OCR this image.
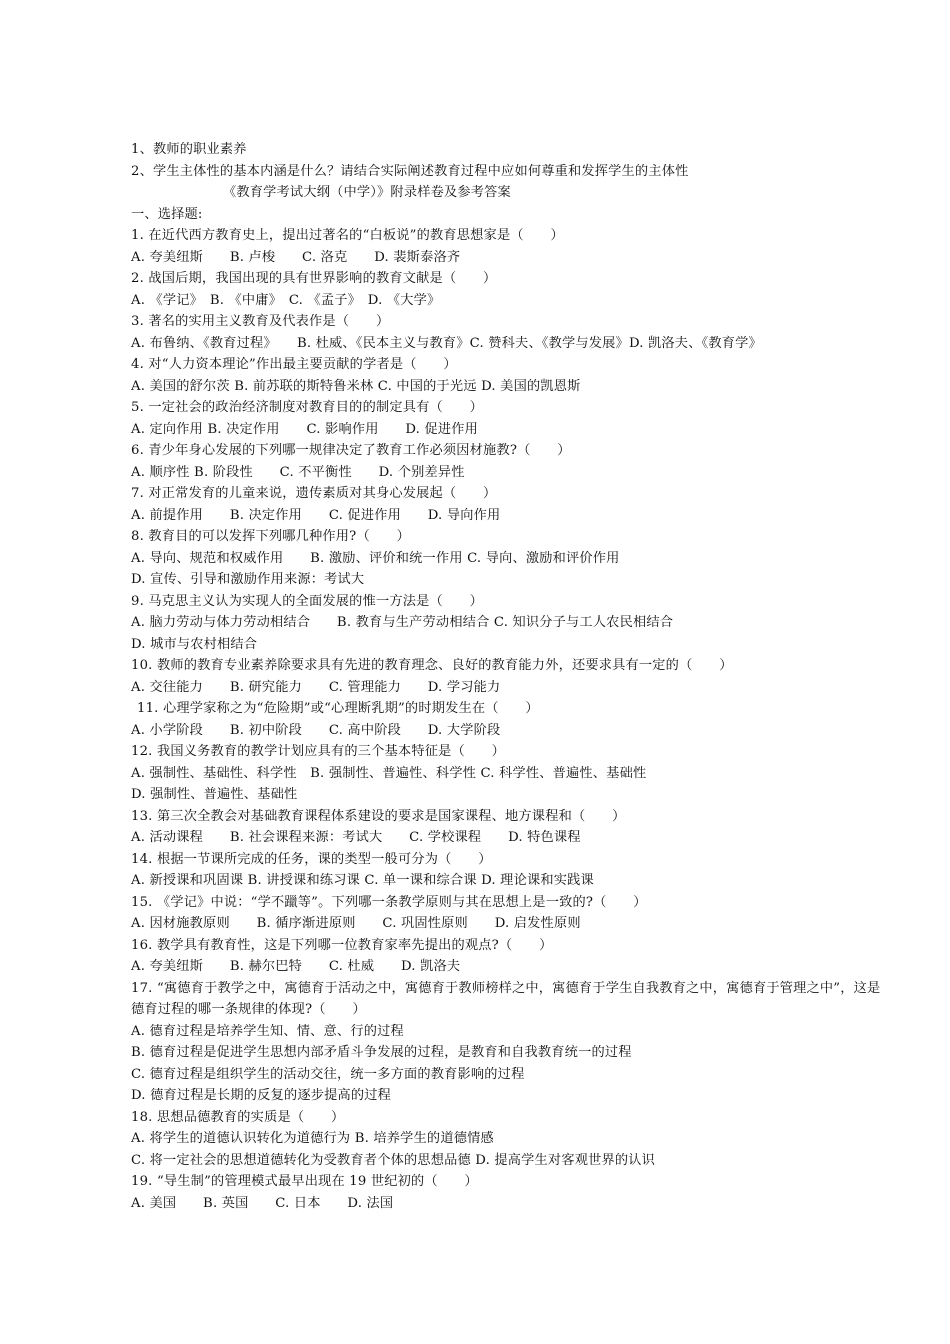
1、教师的职业素养
2、学生主体性的基本内涵是什么？请结合实际阐述教育过程中应如何尊重和发挥学生的主体性
《教育学考试大纲（中学）》附录样卷及参考答案
一、选择题:
1. 在近代西方教育史上，提出过著名的“白板说”的教育思想家是（　　）
A. 夸美纽斯　　B. 卢梭　　C. 洛克　　D. 裴斯泰洛齐
2. 战国后期，我国出现的具有世界影响的教育文献是（　　）
A. 《学记》　B. 《中庸》　C. 《孟子》　D. 《大学》
3. 著名的实用主义教育及代表作是（　　）
A. 布鲁纳、《教育过程》　　B. 杜威、《民本主义与教育》C. 赞科夫、《教学与发展》D. 凯洛夫、《教育学》
4. 对“人力资本理论”作出最主要贡献的学者是（　　）
A. 美国的舒尔茨 B. 前苏联的斯特鲁米林 C. 中国的于光远 D. 美国的凯恩斯
5. 一定社会的政治经济制度对教育目的的制定具有（　　）
A. 定向作用 B. 决定作用　　C. 影响作用　　D. 促进作用
6. 青少年身心发展的下列哪一规律决定了教育工作必须因材施教?（　　）
A. 顺序性 B. 阶段性　　C. 不平衡性　　D. 个别差异性
7. 对正常发育的儿童来说，遗传素质对其身心发展起（　　）
A. 前提作用　　B. 决定作用　　C. 促进作用　　D. 导向作用
8. 教育目的可以发挥下列哪几种作用?（　　）
A. 导向、规范和权威作用　　B. 激励、评价和统一作用 C. 导向、激励和评价作用
D. 宣传、引导和激励作用来源：考试大
9. 马克思主义认为实现人的全面发展的惟一方法是（　　）
A. 脑力劳动与体力劳动相结合　　B. 教育与生产劳动相结合 C. 知识分子与工人农民相结合
D. 城市与农村相结合
10. 教师的教育专业素养除要求具有先进的教育理念、良好的教育能力外，还要求具有一定的（　　）
A. 交往能力　　B. 研究能力　　C. 管理能力　　D. 学习能力
11. 心理学家称之为“危险期”或“心理断乳期”的时期发生在（　　）
A. 小学阶段　　B. 初中阶段　　C. 高中阶段　　D. 大学阶段
12. 我国义务教育的教学计划应具有的三个基本特征是（　　）
A. 强制性、基础性、科学性　B. 强制性、普遍性、科学性 C. 科学性、普遍性、基础性
D. 强制性、普遍性、基础性
13. 第三次全教会对基础教育课程体系建设的要求是国家课程、地方课程和（　　）
A. 活动课程　　B. 社会课程来源：考试大　　C. 学校课程　　D. 特色课程
14. 根据一节课所完成的任务，课的类型一般可分为（　　）
A. 新授课和巩固课 B. 讲授课和练习课 C. 单一课和综合课 D. 理论课和实践课
15. 《学记》中说：“学不躐等”。下列哪一条教学原则与其在思想上是一致的?（　　）
A. 因材施教原则　　B. 循序渐进原则　　C. 巩固性原则　　D. 启发性原则
16. 教学具有教育性，这是下列哪一位教育家率先提出的观点?（　　）
A. 夸美纽斯　　B. 赫尔巴特　　C. 杜威　　D. 凯洛夫
17. “寓德育于教学之中，寓德育于活动之中，寓德育于教师榜样之中，寓德育于学生自我教育之中，寓德育于管理之中”，这是德育过程的哪一条规律的体现?（　　）
A. 德育过程是培养学生知、情、意、行的过程
B. 德育过程是促进学生思想内部矛盾斗争发展的过程，是教育和自我教育统一的过程
C. 德育过程是组织学生的活动交往，统一多方面的教育影响的过程
D. 德育过程是长期的反复的逐步提高的过程
18. 思想品德教育的实质是（　　）
A. 将学生的道德认识转化为道德行为 B. 培养学生的道德情感
C. 将一定社会的思想道德转化为受教育者个体的思想品德 D. 提高学生对客观世界的认识
19. “导生制”的管理模式最早出现在 19 世纪初的（　　）
A. 美国　　B. 英国　　C. 日本　　D. 法国
